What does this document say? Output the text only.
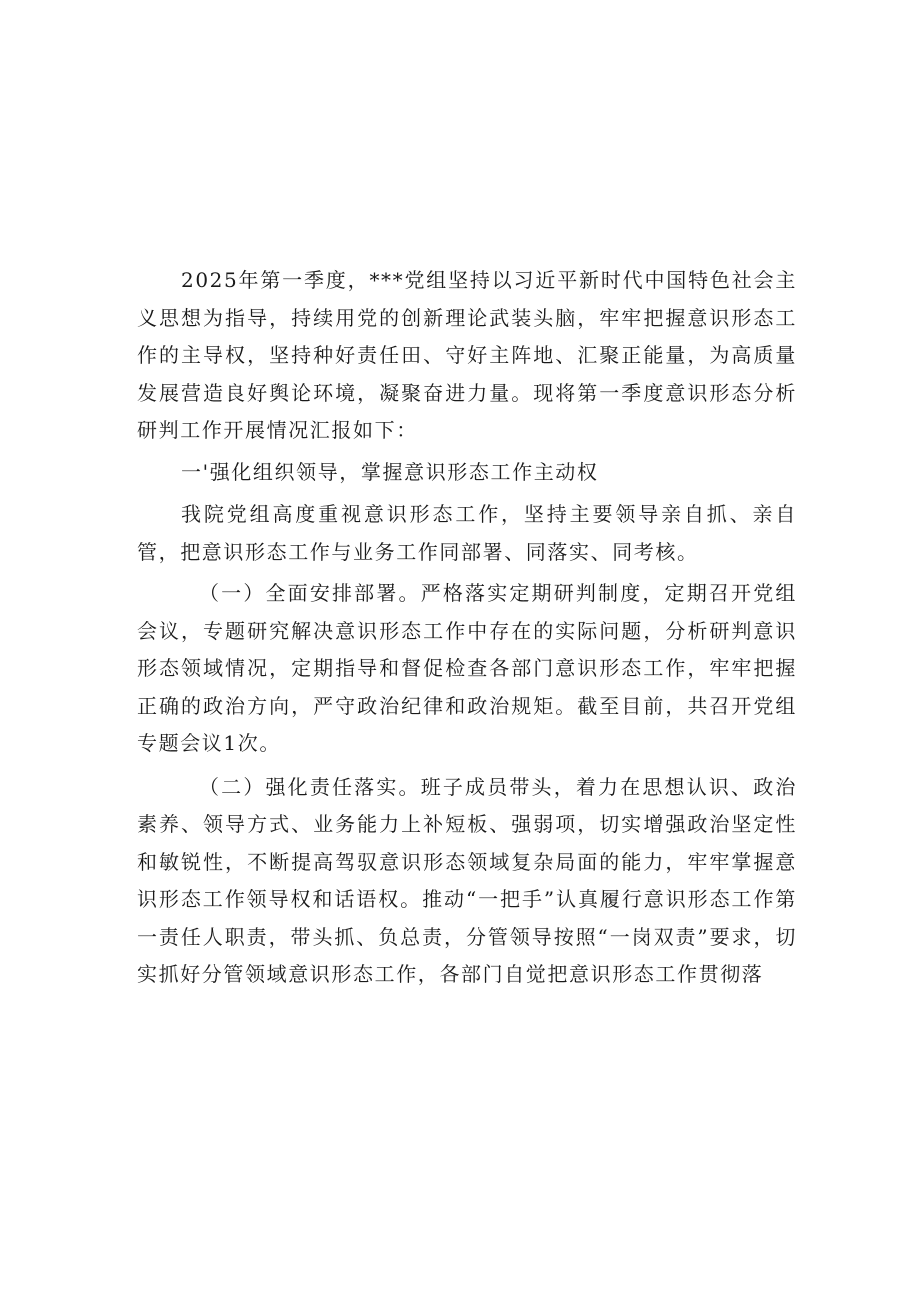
2025年第一季度，***党组坚持以习近平新时代中国特色社会主义思想为指导，持续用党的创新理论武装头脑，牢牢把握意识形态工作的主导权，坚持种好责任田、守好主阵地、汇聚正能量，为高质量发展营造良好舆论环境，凝聚奋进力量。现将第一季度意识形态分析研判工作开展情况汇报如下：

一'强化组织领导，掌握意识形态工作主动权

我院党组高度重视意识形态工作，坚持主要领导亲自抓、亲自管，把意识形态工作与业务工作同部署、同落实、同考核。

（一）全面安排部署。严格落实定期研判制度，定期召开党组会议，专题研究解决意识形态工作中存在的实际问题，分析研判意识形态领域情况，定期指导和督促检查各部门意识形态工作，牢牢把握正确的政治方向，严守政治纪律和政治规矩。截至目前，共召开党组专题会议1次。

（二）强化责任落实。班子成员带头，着力在思想认识、政治素养、领导方式、业务能力上补短板、强弱项，切实增强政治坚定性和敏锐性，不断提高驾驭意识形态领域复杂局面的能力，牢牢掌握意识形态工作领导权和话语权。推动“一把手”认真履行意识形态工作第一责任人职责，带头抓、负总责，分管领导按照“一岗双责”要求，切实抓好分管领域意识形态工作，各部门自觉把意识形态工作贯彻落
